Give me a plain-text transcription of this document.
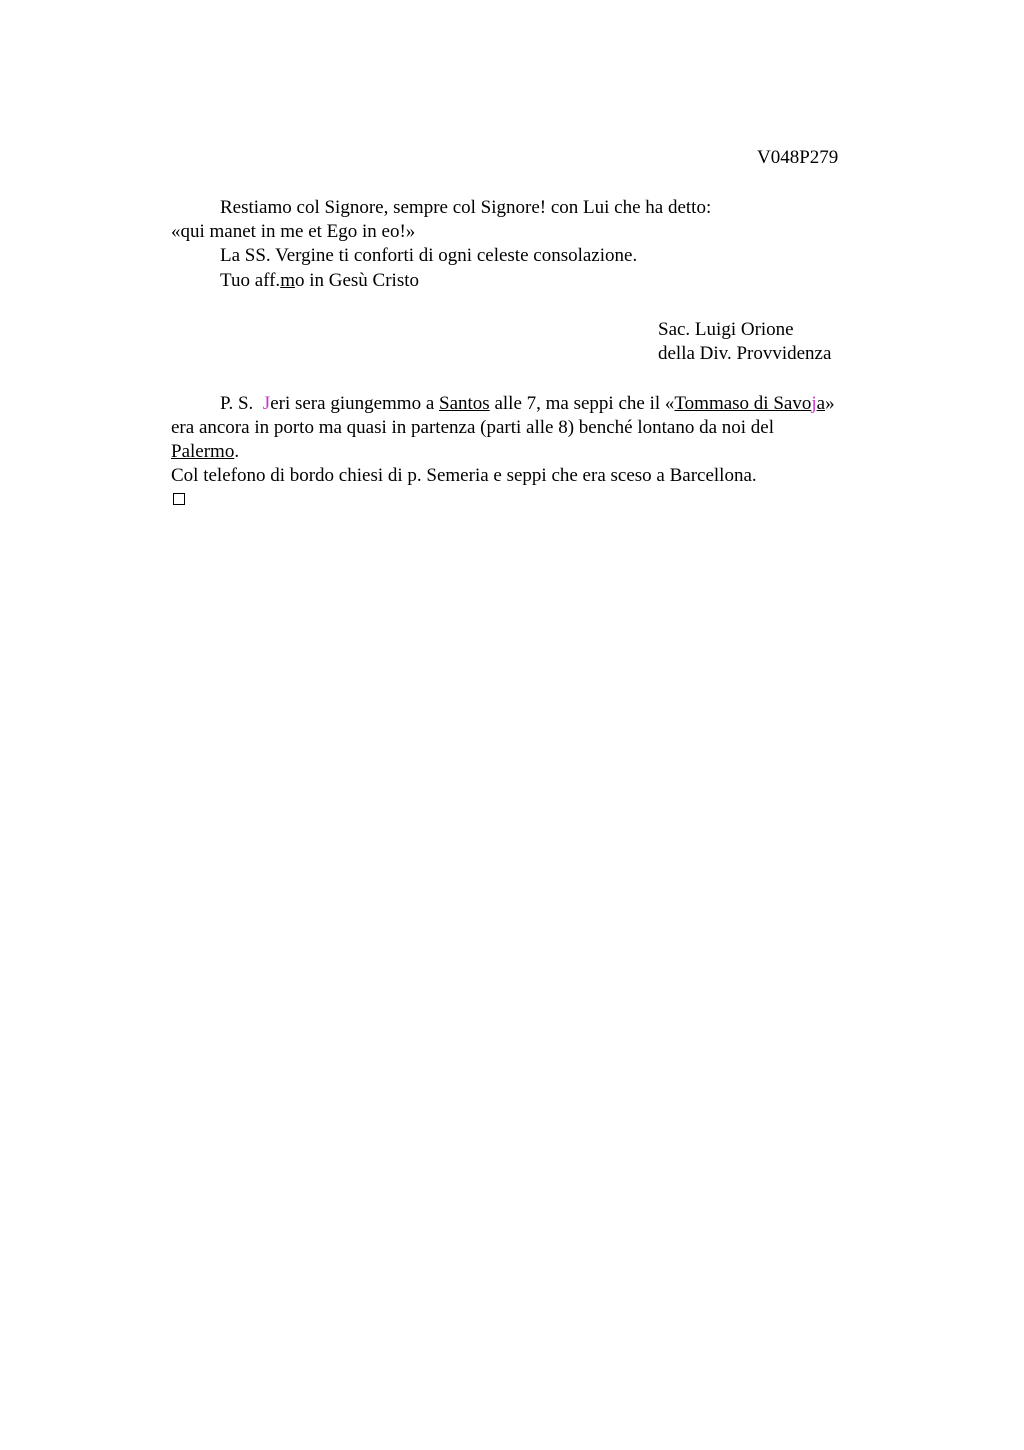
V048P279
Restiamo col Signore, sempre col Signore! con Lui che ha detto:
«qui manet in me et Ego in eo!»
La SS. Vergine ti conforti di ogni celeste consolazione.
Tuo aff.mo in Gesù Cristo
Sac. Luigi Orione
della Div. Provvidenza
P. S.  Jeri sera giungemmo a Santos alle 7, ma seppi che il «Tommaso di Savoja»
era ancora in porto ma quasi in partenza (parti alle 8) benché lontano da noi del
Palermo.
Col telefono di bordo chiesi di p. Semeria e seppi che era sceso a Barcellona.
